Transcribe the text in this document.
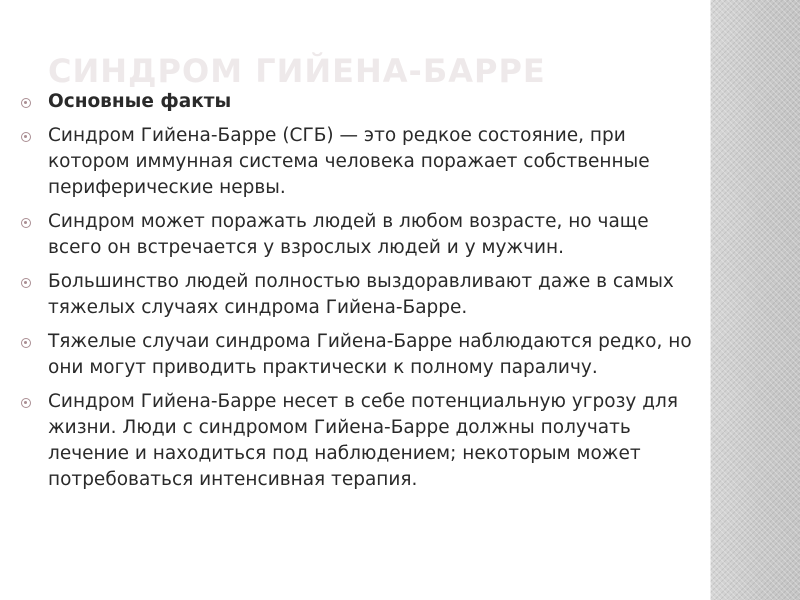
СИНДРОМ ГИЙЕНА-БАРРЕ
Основные факты
Синдром Гийена-Барре (СГБ) — это редкое состояние, при котором иммунная система человека поражает собственные периферические нервы.
Синдром может поражать людей в любом возрасте, но чаще всего он встречается у взрослых людей и у мужчин.
Большинство людей полностью выздоравливают даже в самых тяжелых случаях синдрома Гийена-Барре.
Тяжелые случаи синдрома Гийена-Барре наблюдаются редко, но они могут приводить практически к полному параличу.
Синдром Гийена-Барре несет в себе потенциальную угрозу для жизни. Люди с синдромом Гийена-Барре должны получать лечение и находиться под наблюдением; некоторым может потребоваться интенсивная терапия.
